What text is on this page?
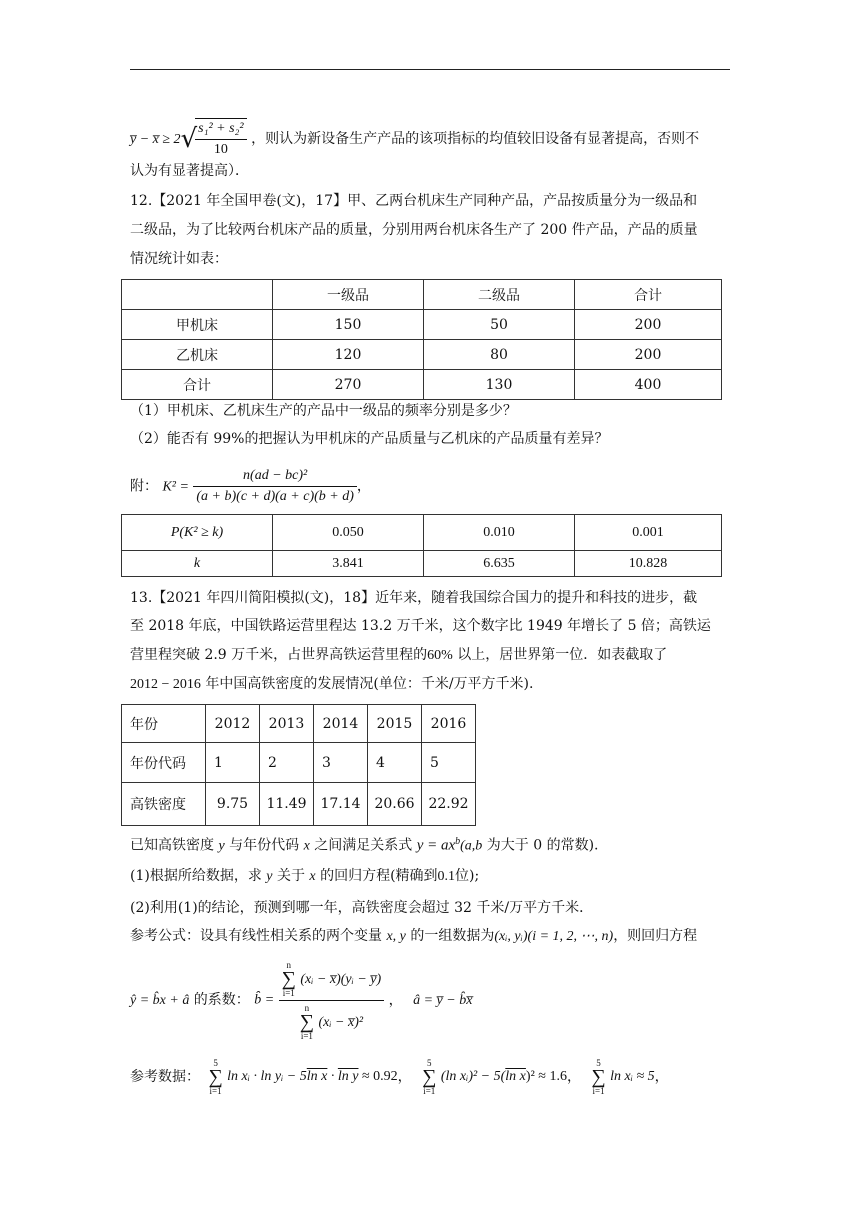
y̅ − x̅ ≥ 2√
$\frac{\text{s₁² + s₂²}}{10}$ ，则认为新设备生产产品的该项指标的均值较旧设备有显著提高，否则不
认为有显著提高）．
12.【2021 年全国甲卷(文)，17】甲、乙两台机床生产同种产品，产品按质量分为一级品和
二级品，为了比较两台机床产品的质量，分别用两台机床各生产了 200 件产品，产品的质量
情况统计如表：
	一级品	二级品	合计
甲机床	150	50	200
乙机床	120	80	200
合计	270	130	400
（1）甲机床、乙机床生产的产品中一级品的频率分别是多少？
（2）能否有 99%的把握认为甲机床的产品质量与乙机床的产品质量有差异？
附： $K^2 = \frac{\text{n(ad − bc)²}}{(a + b)(c + d)(a + c)(b + d)}$ ，
P(K² ≥ k)	0.050	0.010	0.001
k	3.841	6.635	10.828
13.【2021 年四川简阳模拟(文)，18】近年来，随着我国综合国力的提升和科技的进步，截
至 2018 年底，中国铁路运营里程达 13.2 万千米，这个数字比 1949 年增长了 5 倍；高铁运
营里程突破 2.9 万千米，占世界高铁运营里程的60% 以上，居世界第一位．如表截取了
2012 − 2016 年中国高铁密度的发展情况(单位：千米/万平方千米).
年份	2012	2013	2014	2015	2016
年份代码	1	2	3	4	5
高铁密度	9.75	11.49	17.14	20.66	22.92
已知高铁密度 y 与年份代码 x 之间满足关系式 $y = ax^b(a,b$ 为大于 0 的常数).
(1)根据所给数据，求 y 关于 x 的回归方程(精确到0.1位);
(2)利用(1)的结论，预测到哪一年，高铁密度会超过 32 千米/万平方千米．
参考公式：设具有线性相关系的两个变量 x, y 的一组数据为(xᵢ, yᵢ)(i = 1, 2, ⋯, n)，则回归方程
ŷ = b̂x + â 的系数： b̂ = n
∑
i=1 (xᵢ − x̅)(yᵢ − y̅)
n
∑
i=1 (xᵢ − x̅)² ， â = y̅ − b̂x̅
参考数据： 5
∑
i=1 ln xᵢ · ln yᵢ − 5ln x · ln y ≈ 0.92， 5
∑
i=1 (ln xᵢ)² − 5(ln x)² ≈ 1.6， 5
∑
i=1 ln xᵢ ≈ 5，
